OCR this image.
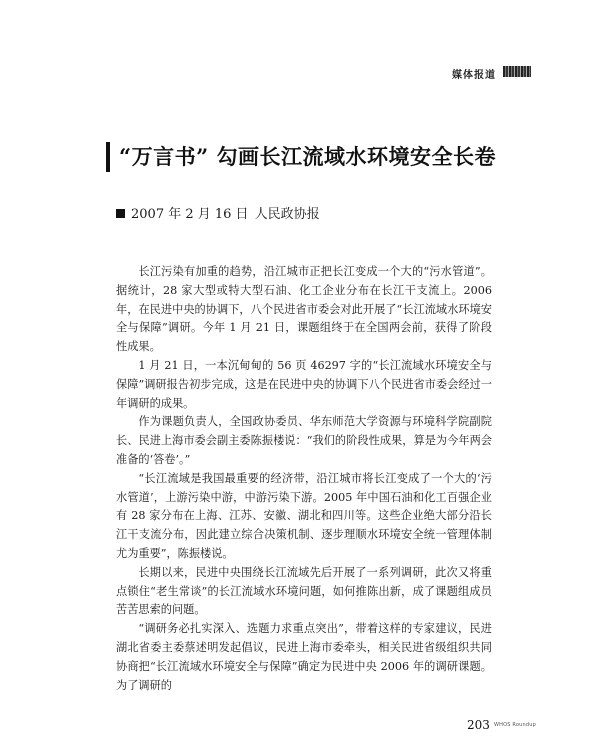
媒体报道
“万言书” 勾画长江流域水环境安全长卷
2007 年 2 月 16 日 人民政协报

长江污染有加重的趋势，沿江城市正把长江变成一个大的“污水管道”。据统计，28 家大型或特大型石油、化工企业分布在长江干支流上。2006 年，在民进中央的协调下，八个民进省市委会对此开展了“长江流域水环境安全与保障”调研。今年 1 月 21 日，课题组终于在全国两会前，获得了阶段性成果。

1 月 21 日，一本沉甸甸的 56 页 46297 字的“长江流域水环境安全与保障”调研报告初步完成，这是在民进中央的协调下八个民进省市委会经过一年调研的成果。

作为课题负责人，全国政协委员、华东师范大学资源与环境科学院副院长、民进上海市委会副主委陈振楼说：“我们的阶段性成果，算是为今年两会准备的‘答卷’。”

“长江流域是我国最重要的经济带，沿江城市将长江变成了一个大的‘污水管道’，上游污染中游，中游污染下游。2005 年中国石油和化工百强企业有 28 家分布在上海、江苏、安徽、湖北和四川等。这些企业绝大部分沿长江干支流分布，因此建立综合决策机制、逐步理顺水环境安全统一管理体制尤为重要”，陈振楼说。

长期以来，民进中央围绕长江流域先后开展了一系列调研，此次又将重点锁住“老生常谈”的长江流域水环境问题，如何推陈出新，成了课题组成员苦苦思索的问题。

“调研务必扎实深入、选题力求重点突出”，带着这样的专家建议，民进湖北省委主委蔡述明发起倡议，民进上海市委牵头，相关民进省级组织共同协商把“长江流域水环境安全与保障”确定为民进中央 2006 年的调研课题。为了调研的

203 WHOS Roundup
